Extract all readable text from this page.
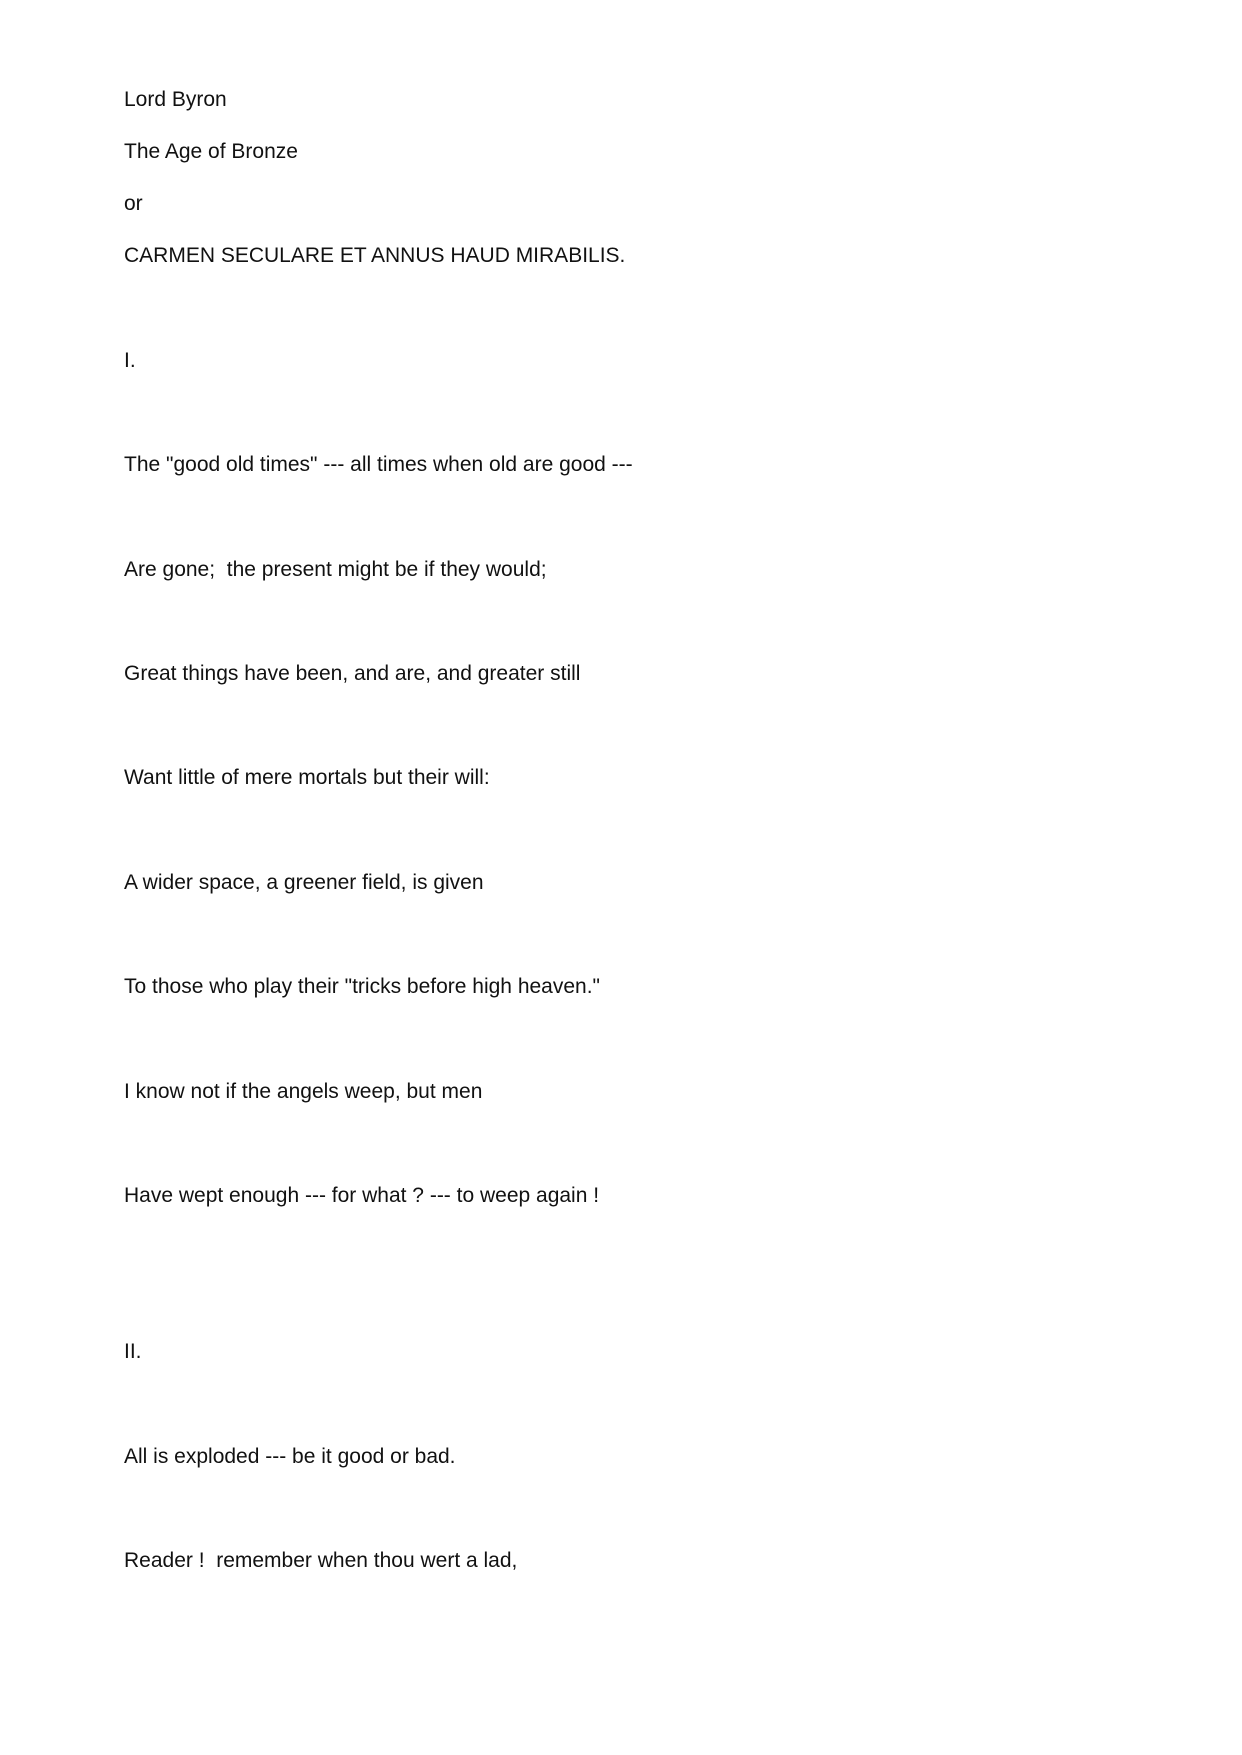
Lord Byron
The Age of Bronze
or
CARMEN SECULARE ET ANNUS HAUD MIRABILIS.
I.
The "good old times" --- all times when old are good ---
Are gone;  the present might be if they would;
Great things have been, and are, and greater still
Want little of mere mortals but their will:
A wider space, a greener field, is given
To those who play their "tricks before high heaven."
I know not if the angels weep, but men
Have wept enough --- for what ? --- to weep again !
II.
All is exploded --- be it good or bad.
Reader !  remember when thou wert a lad,
